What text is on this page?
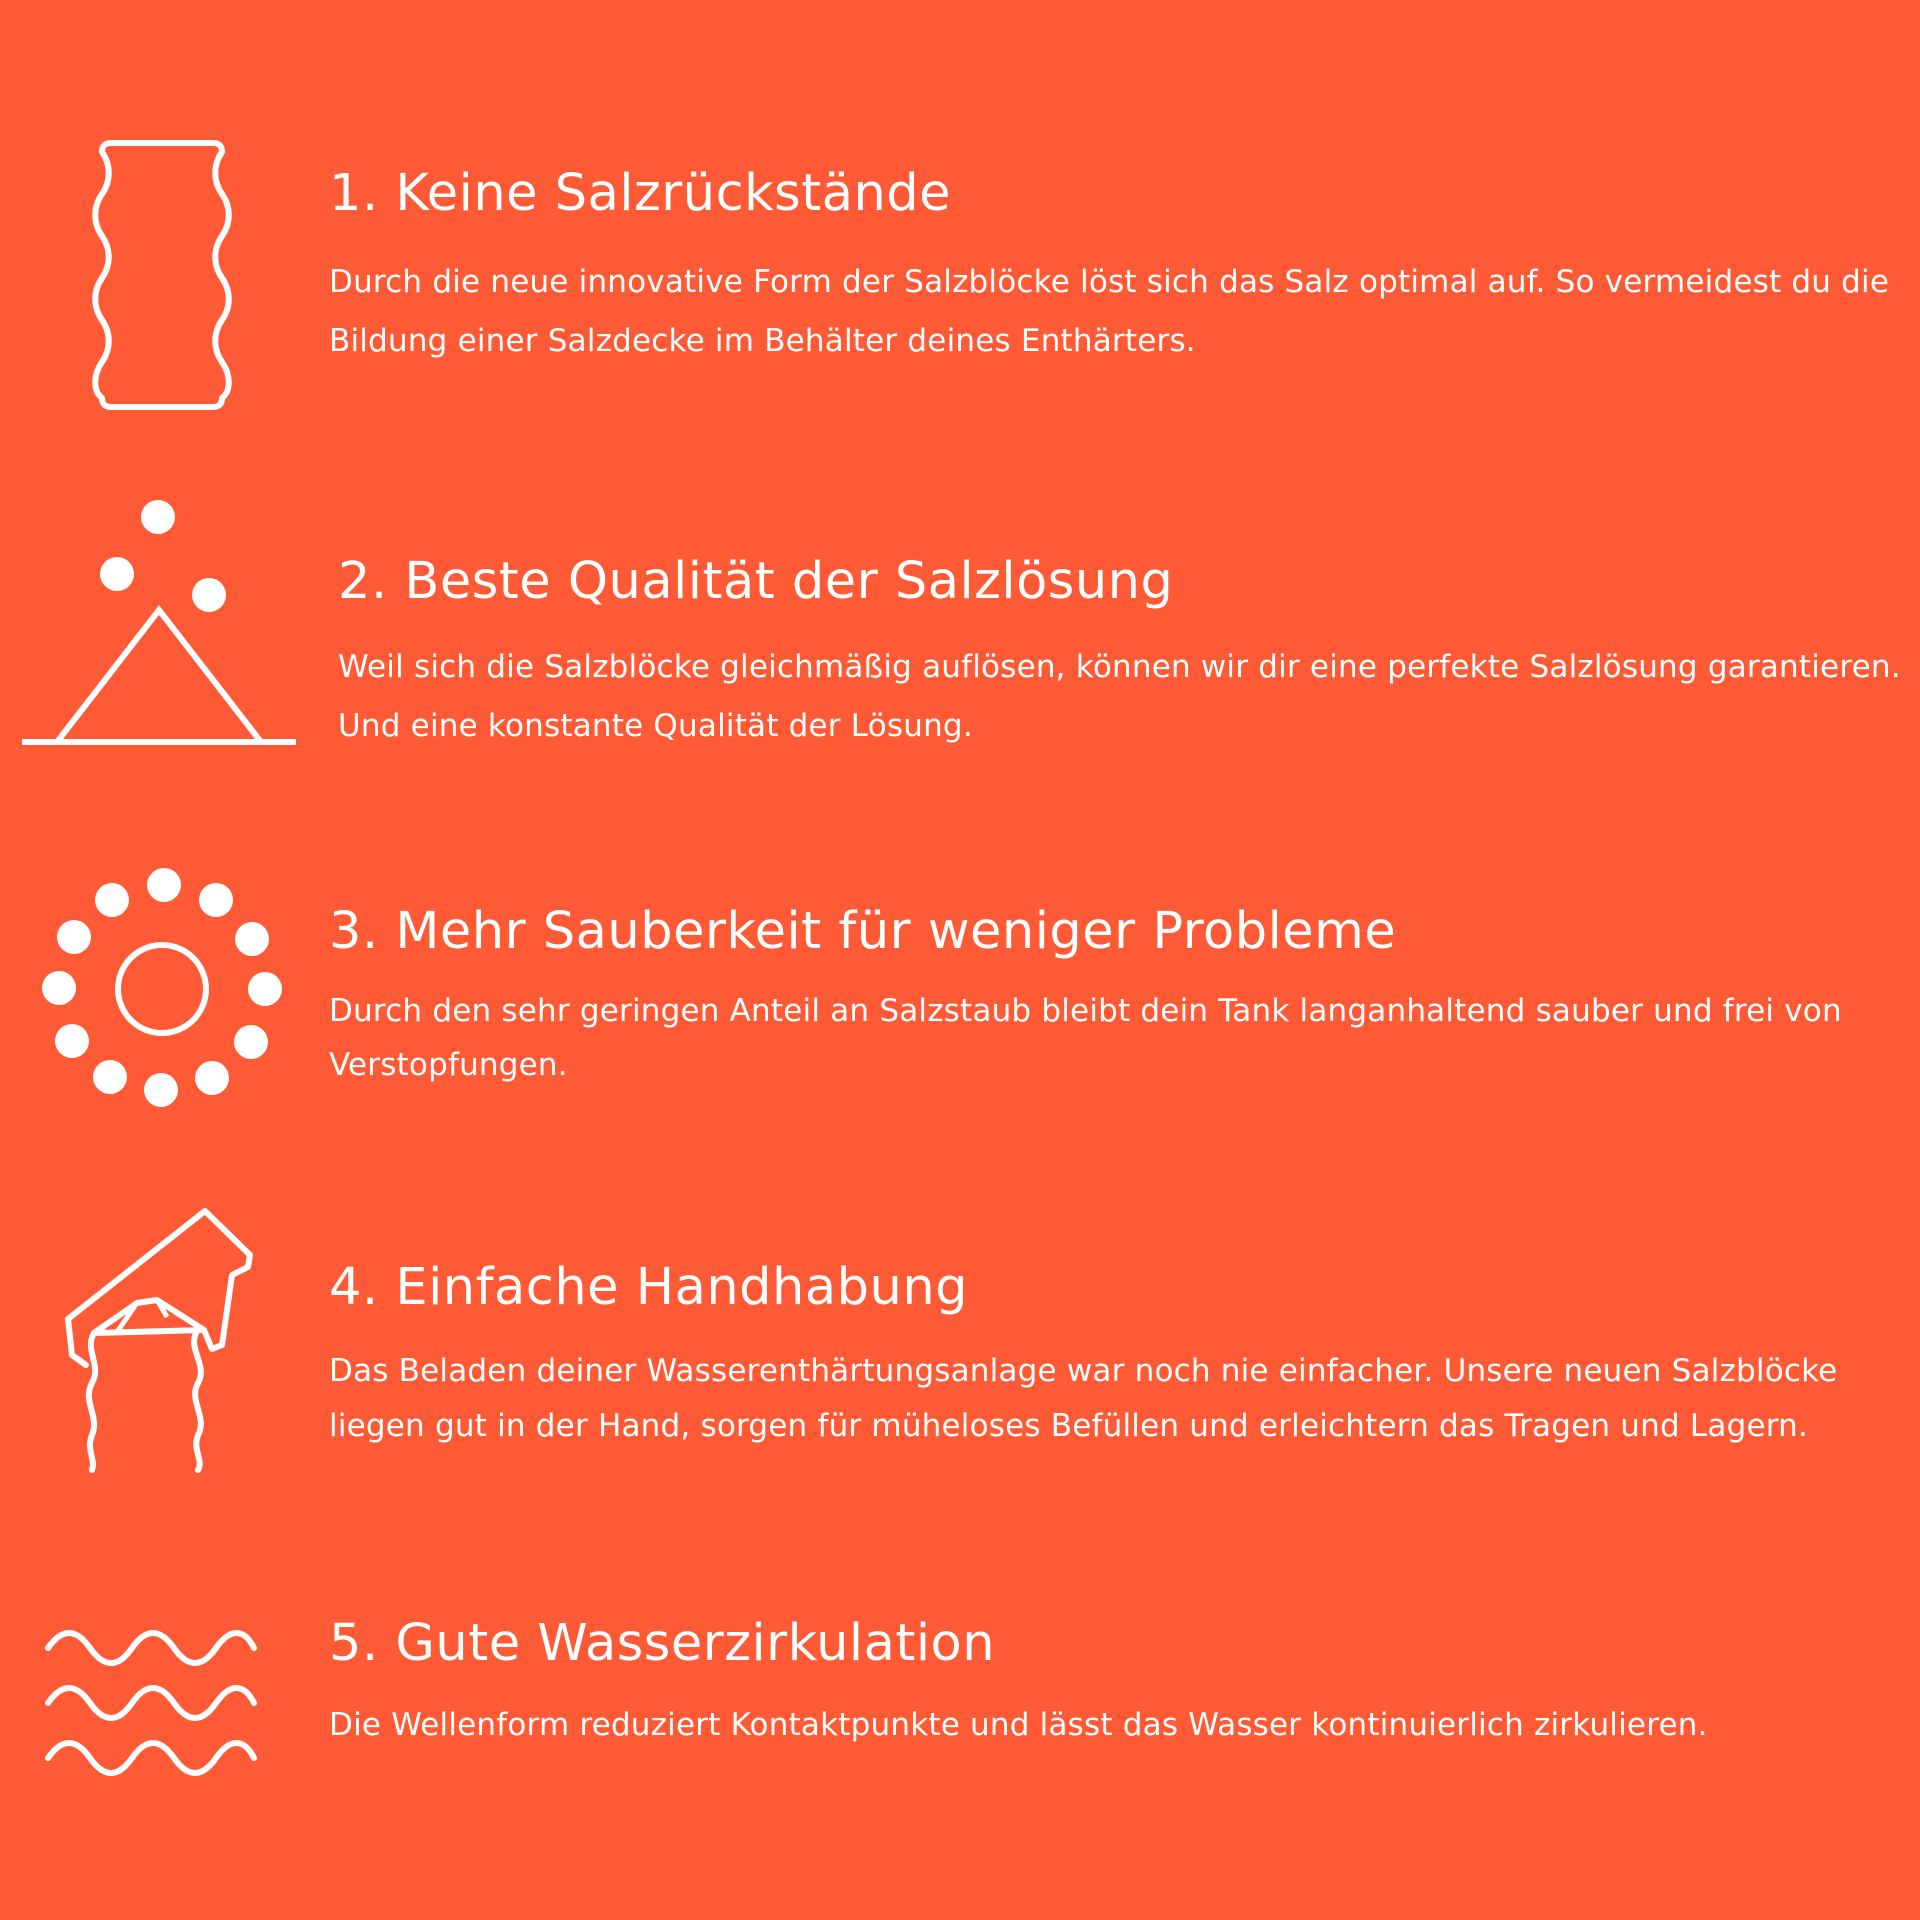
1. Keine Salzrückstände

Durch die neue innovative Form der Salzblöcke löst sich das Salz optimal auf. So vermeidest du die Bildung einer Salzdecke im Behälter deines Enthärters.

2. Beste Qualität der Salzlösung

Weil sich die Salzblöcke gleichmäßig auflösen, können wir dir eine perfekte Salzlösung garantieren. Und eine konstante Qualität der Lösung.

3. Mehr Sauberkeit für weniger Probleme

Durch den sehr geringen Anteil an Salzstaub bleibt dein Tank langanhaltend sauber und frei von Verstopfungen.

4. Einfache Handhabung

Das Beladen deiner Wasserenthärtungsanlage war noch nie einfacher. Unsere neuen Salzblöcke liegen gut in der Hand, sorgen für müheloses Befüllen und erleichtern das Tragen und Lagern.

5. Gute Wasserzirkulation

Die Wellenform reduziert Kontaktpunkte und lässt das Wasser kontinuierlich zirkulieren.
